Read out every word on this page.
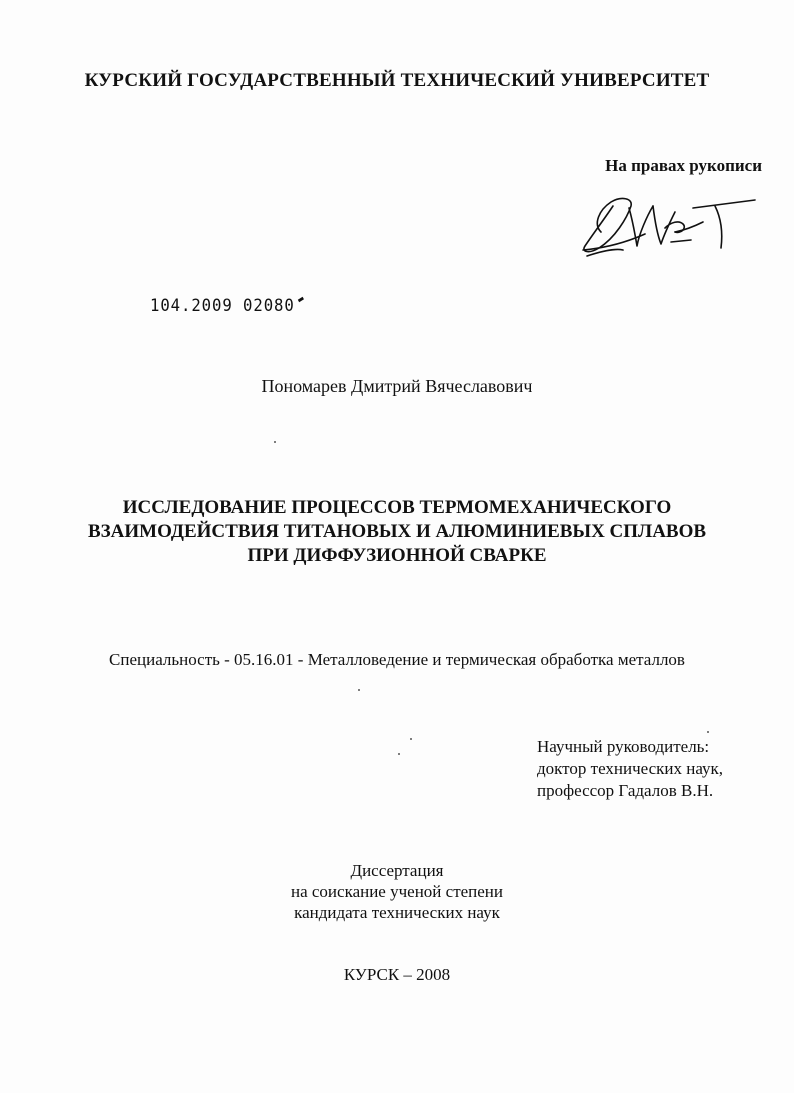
КУРСКИЙ ГОСУДАРСТВЕННЫЙ ТЕХНИЧЕСКИЙ УНИВЕРСИТЕТ
На правах рукописи
104.2009 02080
Пономарев Дмитрий Вячеславович
ИССЛЕДОВАНИЕ ПРОЦЕССОВ ТЕРМОМЕХАНИЧЕСКОГО
ВЗАИМОДЕЙСТВИЯ ТИТАНОВЫХ И АЛЮМИНИЕВЫХ СПЛАВОВ
ПРИ ДИФФУЗИОННОЙ СВАРКЕ
Специальность - 05.16.01 - Металловедение и термическая обработка металлов
Научный руководитель:
доктор технических наук,
профессор Гадалов В.Н.
Диссертация
на соискание ученой степени
кандидата технических наук
КУРСК – 2008
